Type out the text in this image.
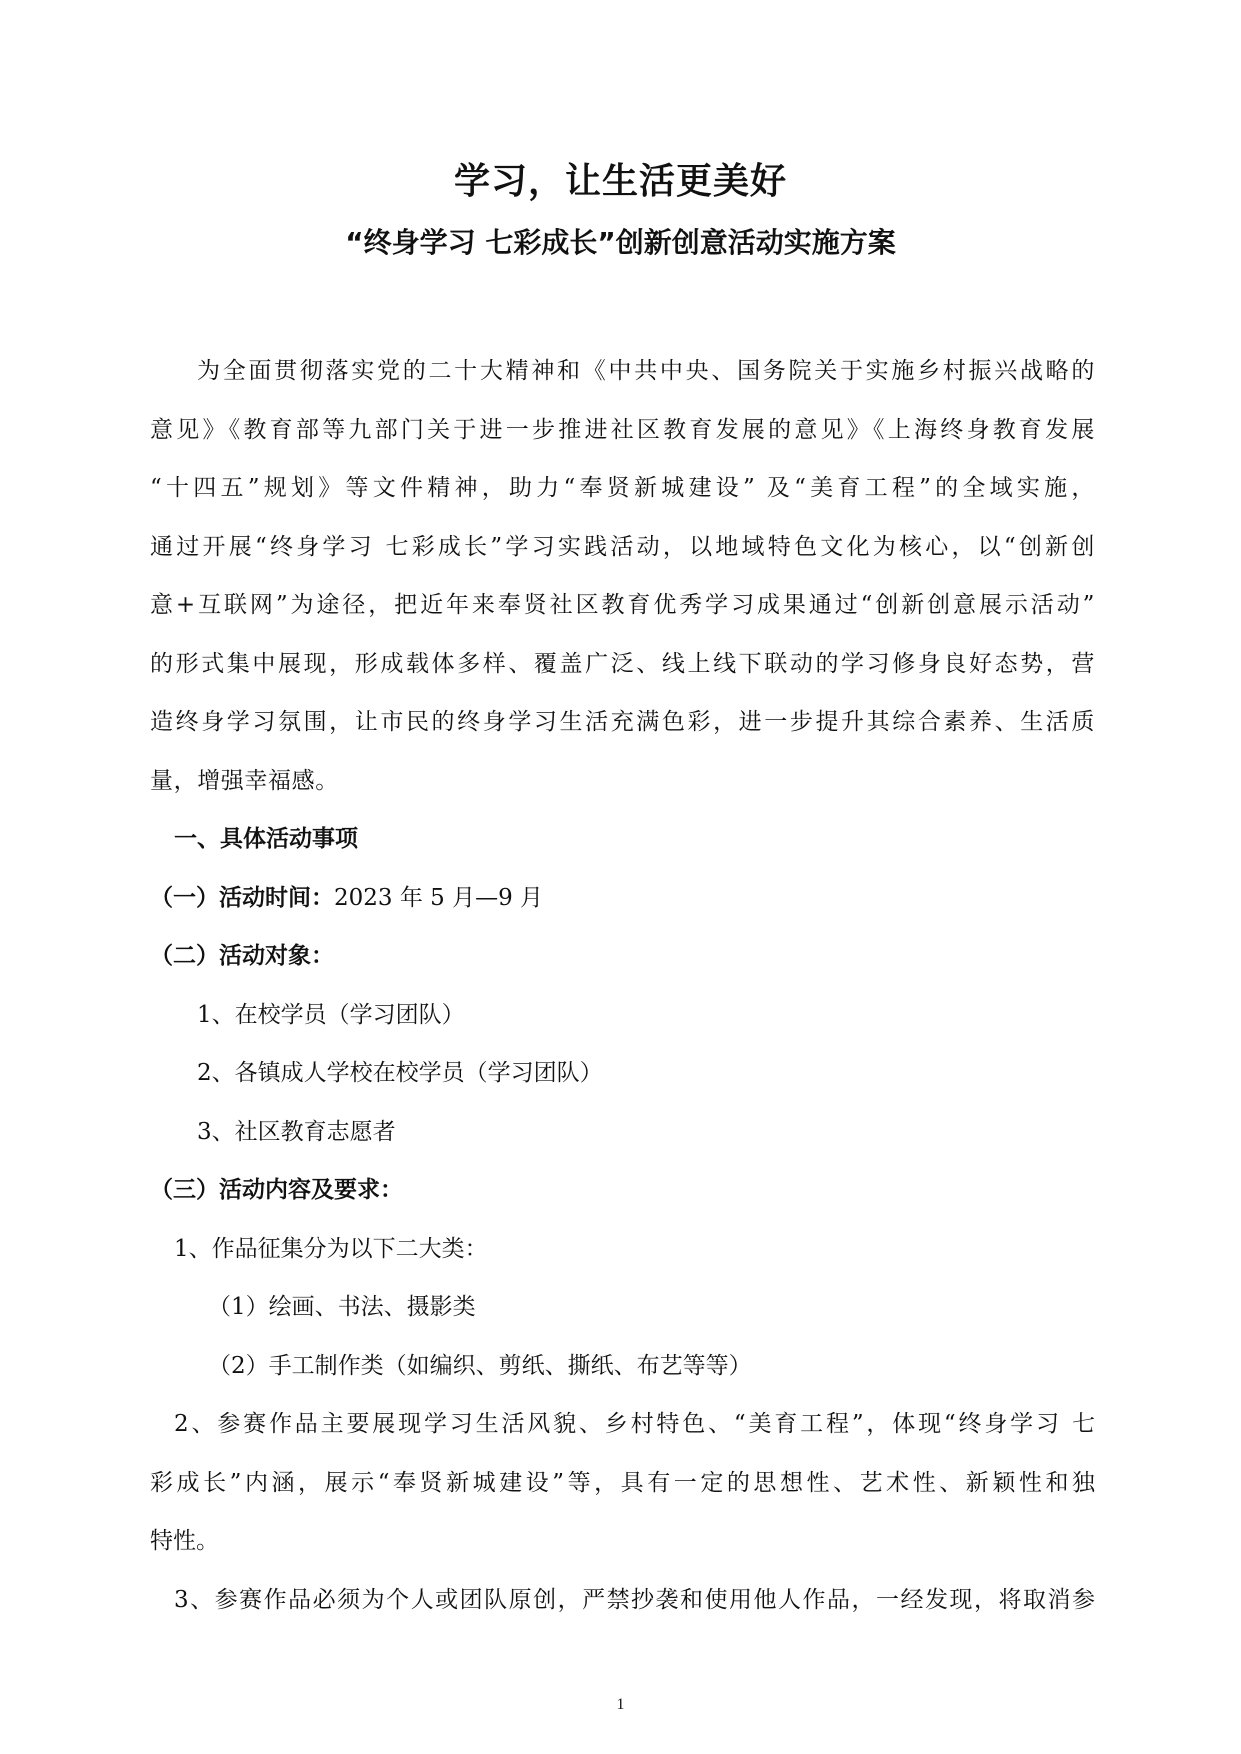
学习，让生活更美好
“终身学习 七彩成长”创新创意活动实施方案
为全面贯彻落实党的二十大精神和《中共中央、国务院关于实施乡村振兴战略的
意见》《教育部等九部门关于进一步推进社区教育发展的意见》《上海终身教育发展
“十四五”规划》等文件精神，助力“奉贤新城建设” 及“美育工程”的全域实施，
通过开展“终身学习 七彩成长”学习实践活动，以地域特色文化为核心，以“创新创
意+互联网”为途径，把近年来奉贤社区教育优秀学习成果通过“创新创意展示活动”
的形式集中展现，形成载体多样、覆盖广泛、线上线下联动的学习修身良好态势，营
造终身学习氛围，让市民的终身学习生活充满色彩，进一步提升其综合素养、生活质
量，增强幸福感。
一、具体活动事项
（一）活动时间：2023 年 5 月—9 月
（二）活动对象：
1、在校学员（学习团队）
2、各镇成人学校在校学员（学习团队）
3、社区教育志愿者
（三）活动内容及要求：
1、作品征集分为以下二大类：
（1）绘画、书法、摄影类
（2）手工制作类（如编织、剪纸、撕纸、布艺等等）
2、参赛作品主要展现学习生活风貌、乡村特色、“美育工程”，体现“终身学习 七
彩成长”内涵，展示“奉贤新城建设”等，具有一定的思想性、艺术性、新颖性和独
特性。
3、参赛作品必须为个人或团队原创，严禁抄袭和使用他人作品，一经发现，将取消参
1
